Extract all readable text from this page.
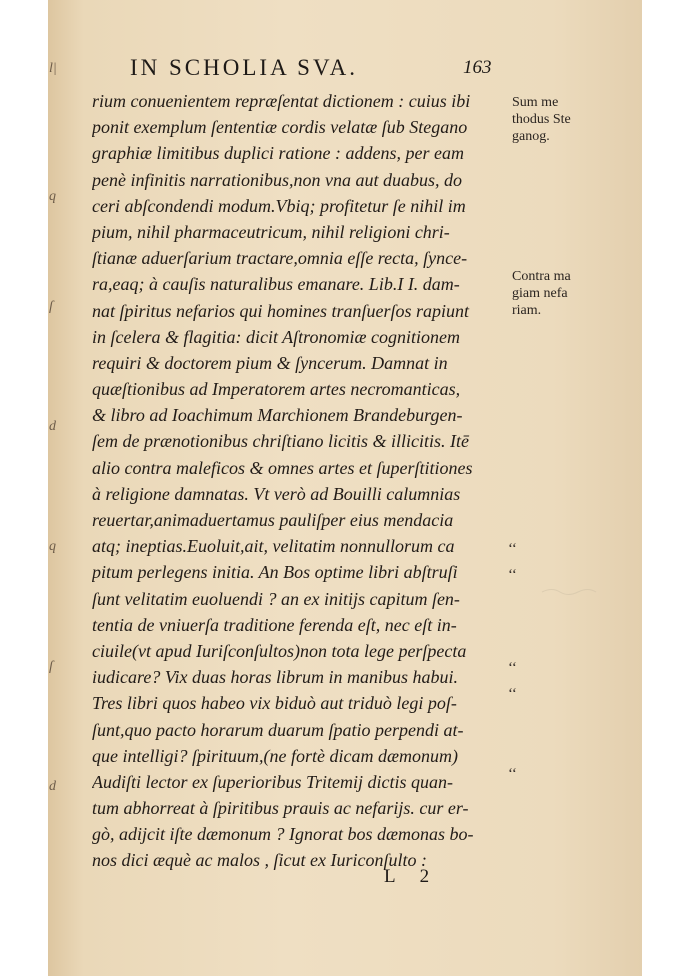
l|
q
ſ
d
q
ſ
d
IN SCHOLIA SVA.	163
rium conuenientem repræſentat dictionem : cuius ibi
ponit exemplum ſententiæ cordis velatæ ſub Stegano
graphiæ limitibus duplici ratione : addens, per eam
penè infinitis narrationibus,non vna aut duabus, do
ceri abſcondendi modum.Vbiq; profitetur ſe nihil im
pium, nihil pharmaceutricum, nihil religioni chri-
ſtianæ aduerſarium tractare,omnia eſſe recta, ſynce-
ra,eaq; à cauſis naturalibus emanare. Lib.I I. dam-
nat ſpiritus nefarios qui homines tranſuerſos rapiunt
in ſcelera & flagitia: dicit Aſtronomiæ cognitionem
requiri & doctorem pium & ſyncerum. Damnat in
quæſtionibus ad Imperatorem artes necromanticas,
& libro ad Ioachimum Marchionem Brandeburgen-
ſem de prænotionibus chriſtiano licitis & illicitis. Itē
alio contra maleficos & omnes artes et ſuperſtitiones
à religione damnatas. Vt verò ad Bouilli calumnias
reuertar,animaduertamus pauliſper eius mendacia
atq; ineptias.Euoluit,ait, velitatim nonnullorum ca
pitum perlegens initia. An Bos optime libri abſtruſi
ſunt velitatim euoluendi ? an ex initijs capitum ſen-
tentia de vniuerſa traditione ferenda eſt, nec eſt in-
ciuile(vt apud Iuriſconſultos)non tota lege perſpecta
iudicare? Vix duas horas librum in manibus habui.
Tres libri quos habeo vix biduò aut triduò legi poſ-
ſunt,quo pacto horarum duarum ſpatio perpendi at-
que intelligi? ſpirituum,(ne fortè dicam dæmonum)
Audiſti lector ex ſuperioribus Tritemij dictis quan-
tum abhorreat à ſpiritibus prauis ac nefarijs. cur er-
gò, adijcit iſte dæmonum ? Ignorat bos dæmonas bo-
nos dici æquè ac malos , ſicut ex Iuriconſulto :
Sum me
thodus Ste
ganog.
Contra ma
giam nefa
riam.
‘‘
‘‘
‘‘
‘‘
‘‘
L 2
